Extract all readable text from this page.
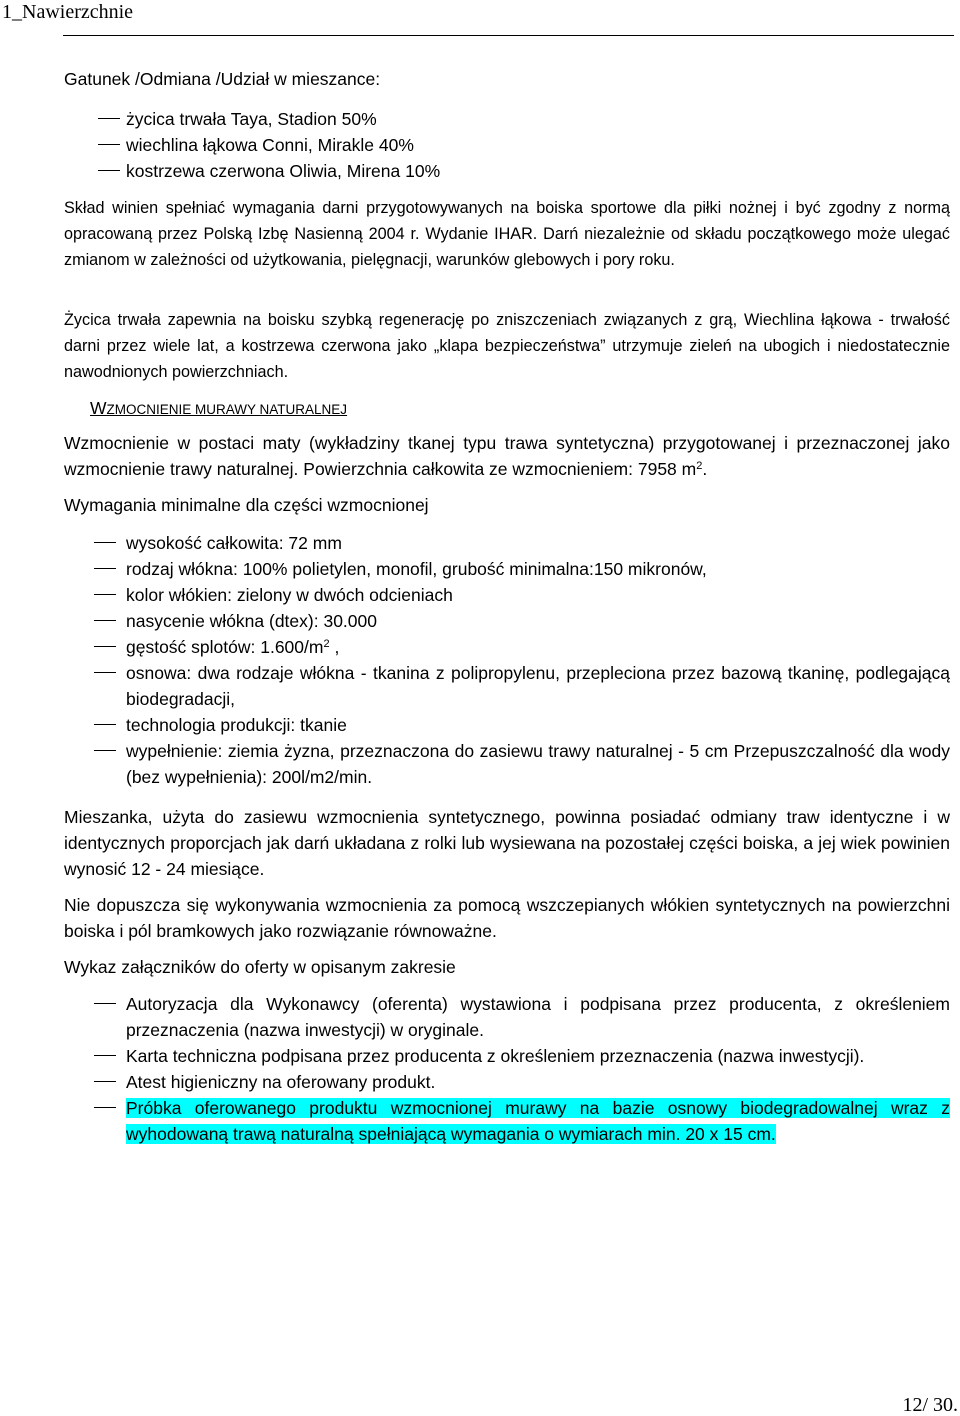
1_Nawierzchnie
Gatunek /Odmiana /Udział w mieszance:
życica trwała Taya, Stadion 50%
wiechlina łąkowa Conni, Mirakle 40%
kostrzewa czerwona Oliwia, Mirena 10%
Skład winien spełniać wymagania darni przygotowywanych na boiska sportowe dla piłki nożnej i być zgodny z normą opracowaną przez Polską Izbę Nasienną 2004 r. Wydanie IHAR. Darń niezależnie od składu początkowego może ulegać zmianom w zależności od użytkowania, pielęgnacji, warunków glebowych i pory roku.
Życica trwała zapewnia na boisku szybką regenerację po zniszczeniach związanych z grą, Wiechlina łąkowa - trwałość darni przez wiele lat, a kostrzewa czerwona jako „klapa bezpieczeństwa” utrzymuje zieleń na ubogich i niedostatecznie nawodnionych powierzchniach.
WZMOCNIENIE MURAWY NATURALNEJ
Wzmocnienie w postaci maty (wykładziny tkanej typu trawa syntetyczna) przygotowanej i przeznaczonej jako wzmocnienie trawy naturalnej. Powierzchnia całkowita ze wzmocnieniem: 7958 $m^2$.
Wymagania minimalne dla części wzmocnionej
wysokość całkowita: 72 mm
rodzaj włókna: 100% polietylen, monofil, grubość minimalna:150 mikronów,
kolor włókien: zielony w dwóch odcieniach
nasycenie włókna (dtex): 30.000
gęstość splotów: $1.600/m^2$ ,
osnowa: dwa rodzaje włókna - tkanina z polipropylenu, przepleciona przez bazową tkaninę, podlegającą biodegradacji,
technologia produkcji: tkanie
wypełnienie: ziemia żyzna, przeznaczona do zasiewu trawy naturalnej - 5 cm Przepuszczalność dla wody (bez wypełnienia): 200l/m2/min.
Mieszanka, użyta do zasiewu wzmocnienia syntetycznego, powinna posiadać odmiany traw identyczne i w identycznych proporcjach jak darń układana z rolki lub wysiewana na pozostałej części boiska, a jej wiek powinien wynosić 12 - 24 miesiące.
Nie dopuszcza się wykonywania wzmocnienia za pomocą wszczepianych włókien syntetycznych na powierzchni boiska i pól bramkowych jako rozwiązanie równoważne.
Wykaz załączników do oferty w opisanym zakresie
Autoryzacja dla Wykonawcy (oferenta) wystawiona i podpisana przez producenta, z określeniem przeznaczenia (nazwa inwestycji) w oryginale.
Karta techniczna podpisana przez producenta z określeniem przeznaczenia (nazwa inwestycji).
Atest higieniczny na oferowany produkt.
Próbka oferowanego produktu wzmocnionej murawy na bazie osnowy biodegradowalnej wraz z wyhodowaną trawą naturalną spełniającą wymagania o wymiarach min. 20 x 15 cm.
12/ 30.
